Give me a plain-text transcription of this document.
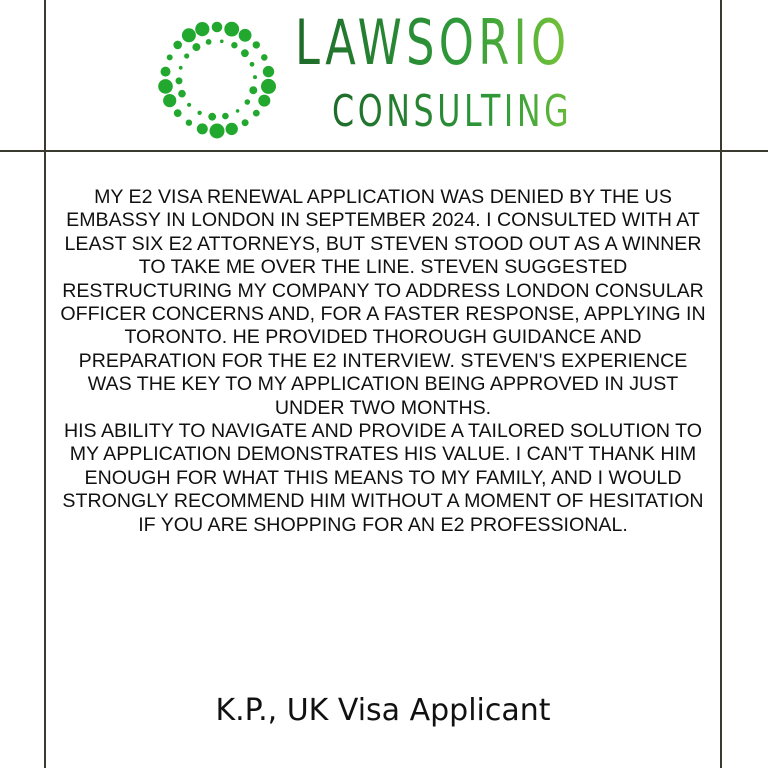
LAWSORIO
CONSULTING

MY E2 VISA RENEWAL APPLICATION WAS DENIED BY THE US EMBASSY IN LONDON IN SEPTEMBER 2024. I CONSULTED WITH AT LEAST SIX E2 ATTORNEYS, BUT STEVEN STOOD OUT AS A WINNER TO TAKE ME OVER THE LINE. STEVEN SUGGESTED RESTRUCTURING MY COMPANY TO ADDRESS LONDON CONSULAR OFFICER CONCERNS AND, FOR A FASTER RESPONSE, APPLYING IN TORONTO. HE PROVIDED THOROUGH GUIDANCE AND PREPARATION FOR THE E2 INTERVIEW. STEVEN'S EXPERIENCE WAS THE KEY TO MY APPLICATION BEING APPROVED IN JUST UNDER TWO MONTHS.

HIS ABILITY TO NAVIGATE AND PROVIDE A TAILORED SOLUTION TO MY APPLICATION DEMONSTRATES HIS VALUE. I CAN'T THANK HIM ENOUGH FOR WHAT THIS MEANS TO MY FAMILY, AND I WOULD STRONGLY RECOMMEND HIM WITHOUT A MOMENT OF HESITATION IF YOU ARE SHOPPING FOR AN E2 PROFESSIONAL.

K.P., UK Visa Applicant
